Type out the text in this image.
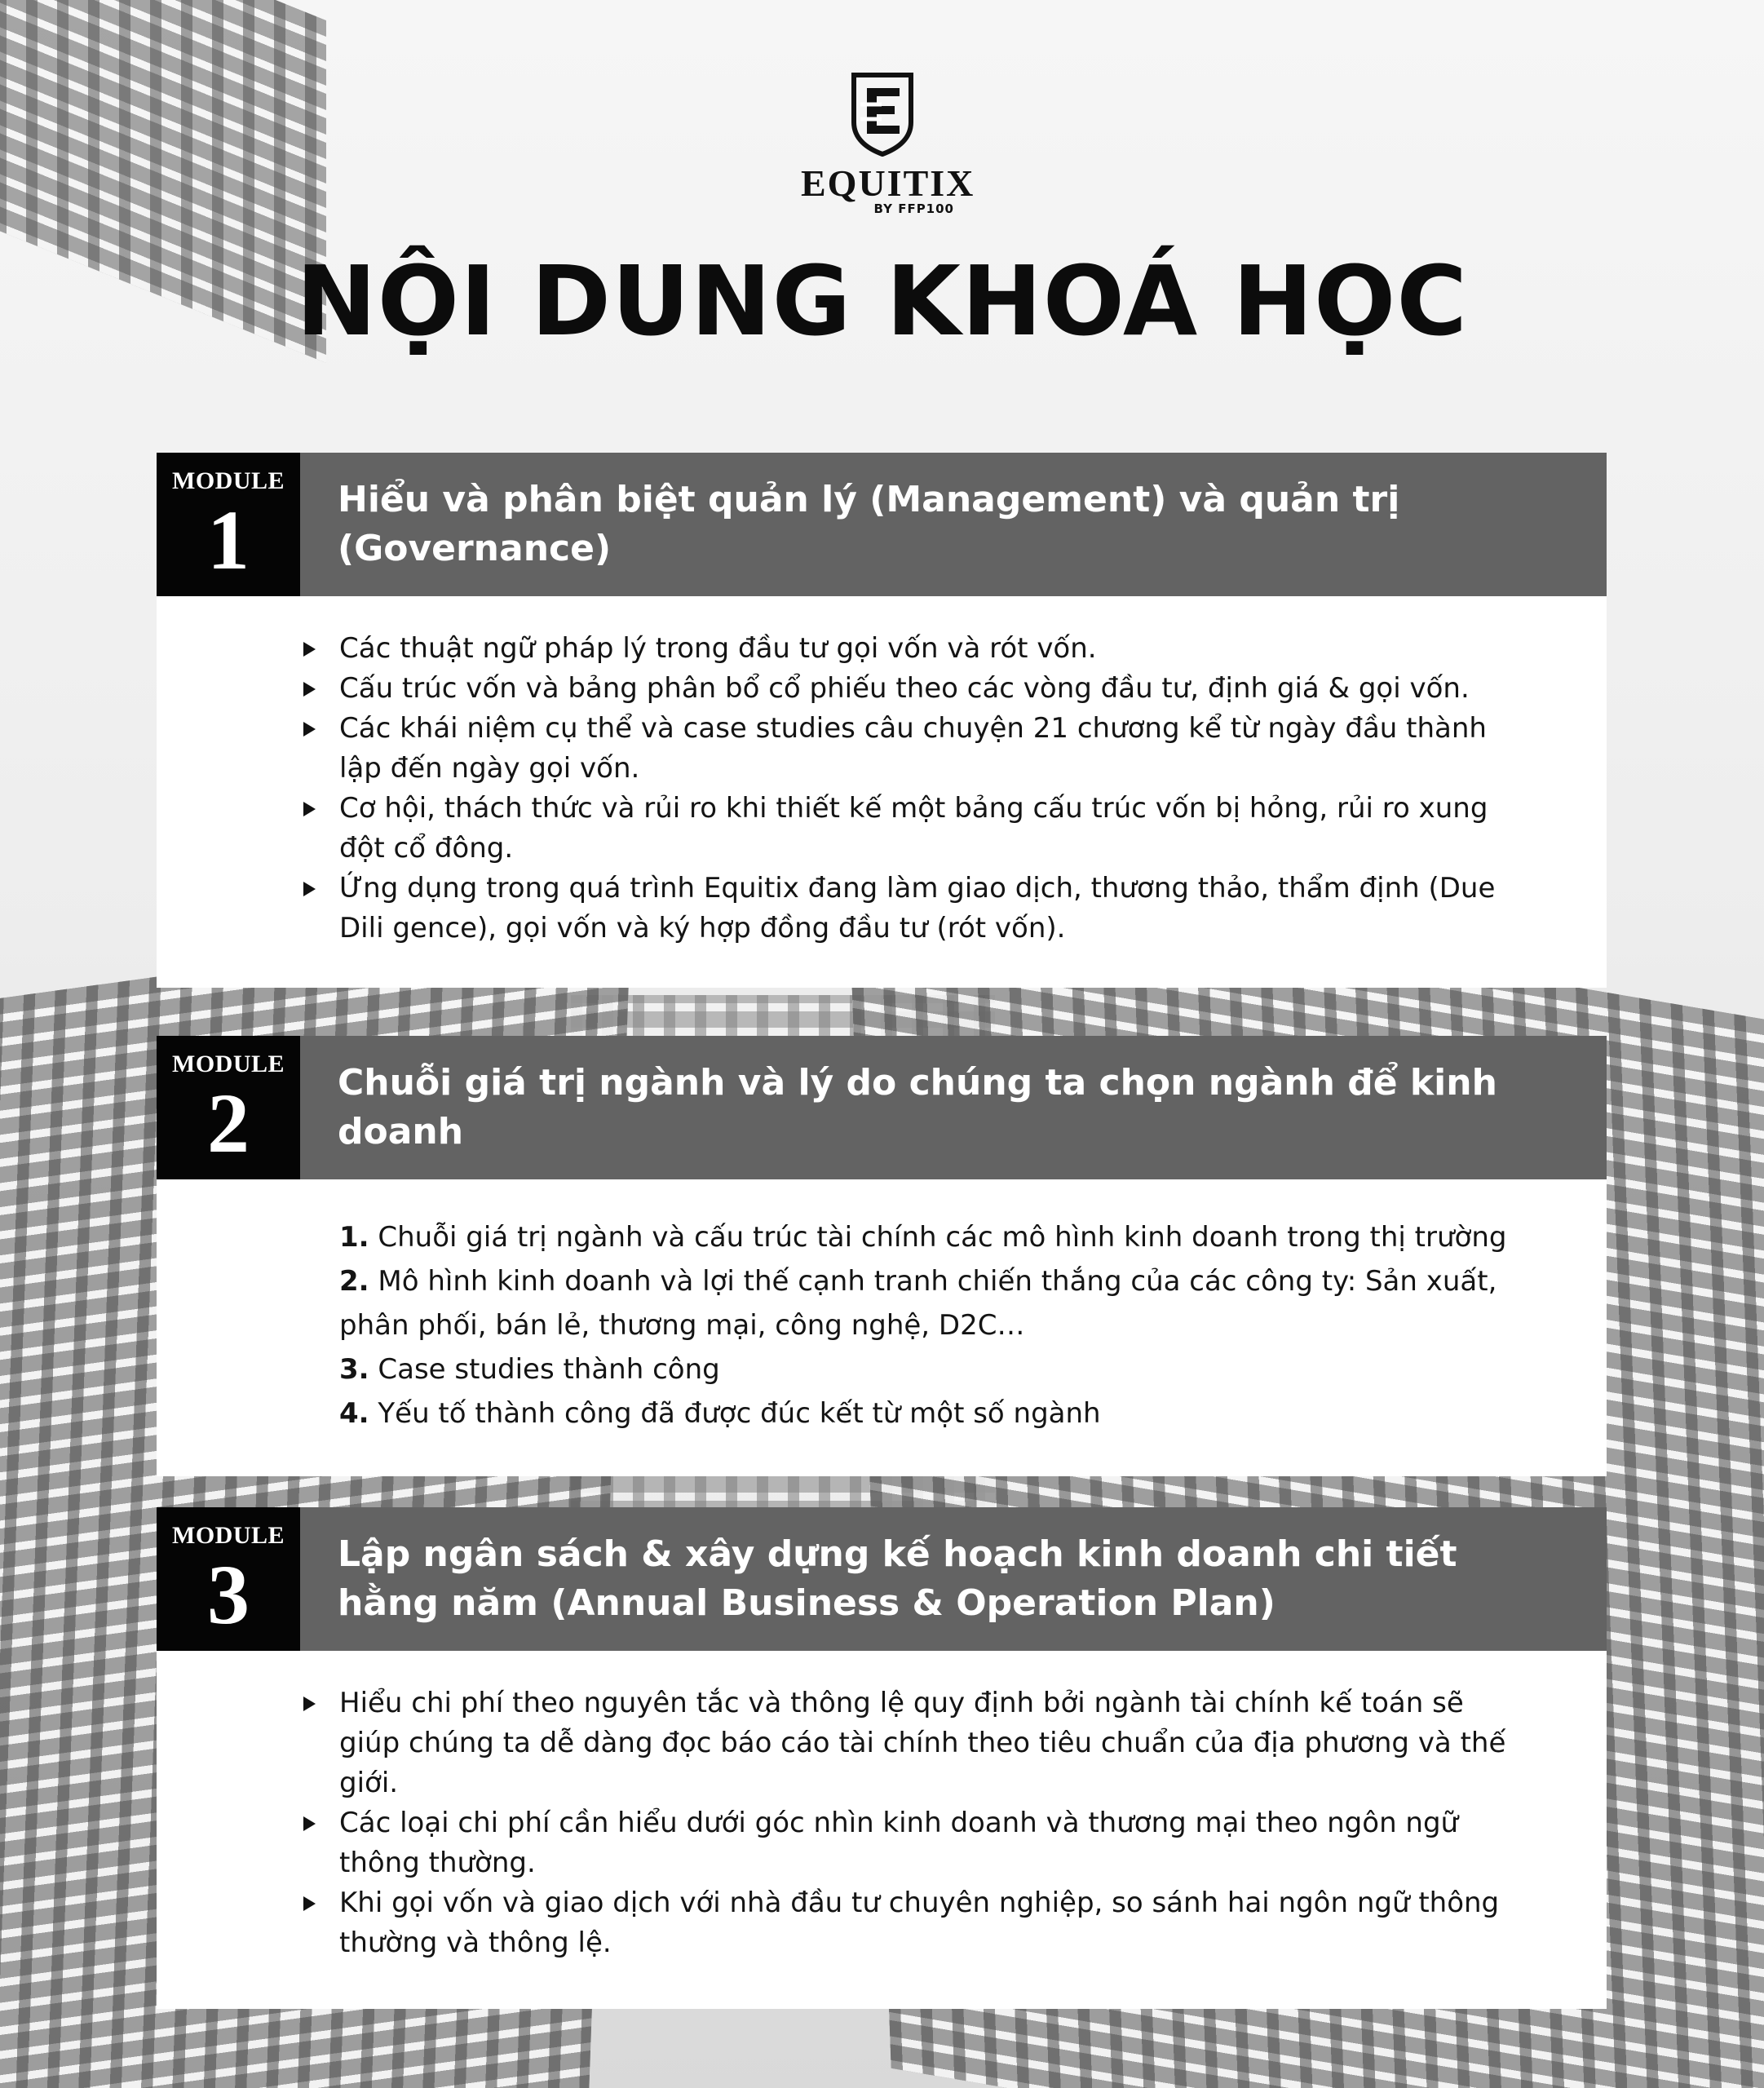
EQUITIX
BY FFP100
NỘI DUNG KHOÁ HỌC
MODULE
1	Hiểu và phân biệt quản lý (Management) và quản trị (Governance)
Các thuật ngữ pháp lý trong đầu tư gọi vốn và rót vốn.
Cấu trúc vốn và bảng phân bổ cổ phiếu theo các vòng đầu tư, định giá & gọi vốn.
Các khái niệm cụ thể và case studies câu chuyện 21 chương kể từ ngày đầu thành lập đến ngày gọi vốn.
Cơ hội, thách thức và rủi ro khi thiết kế một bảng cấu trúc vốn bị hỏng, rủi ro xung đột cổ đông.
Ứng dụng trong quá trình Equitix đang làm giao dịch, thương thảo, thẩm định (Due Dili gence), gọi vốn và ký hợp đồng đầu tư (rót vốn).
MODULE
2	Chuỗi giá trị ngành và lý do chúng ta chọn ngành để kinh doanh
1. Chuỗi giá trị ngành và cấu trúc tài chính các mô hình kinh doanh trong thị trường
2. Mô hình kinh doanh và lợi thế cạnh tranh chiến thắng của các công ty: Sản xuất, phân phối, bán lẻ, thương mại, công nghệ, D2C…
3. Case studies thành công
4. Yếu tố thành công đã được đúc kết từ một số ngành
MODULE
3	Lập ngân sách & xây dựng kế hoạch kinh doanh chi tiết hằng năm (Annual Business & Operation Plan)
Hiểu chi phí theo nguyên tắc và thông lệ quy định bởi ngành tài chính kế toán sẽ giúp chúng ta dễ dàng đọc báo cáo tài chính theo tiêu chuẩn của địa phương và thế giới.
Các loại chi phí cần hiểu dưới góc nhìn kinh doanh và thương mại theo ngôn ngữ thông thường.
Khi gọi vốn và giao dịch với nhà đầu tư chuyên nghiệp, so sánh hai ngôn ngữ thông thường và thông lệ.
